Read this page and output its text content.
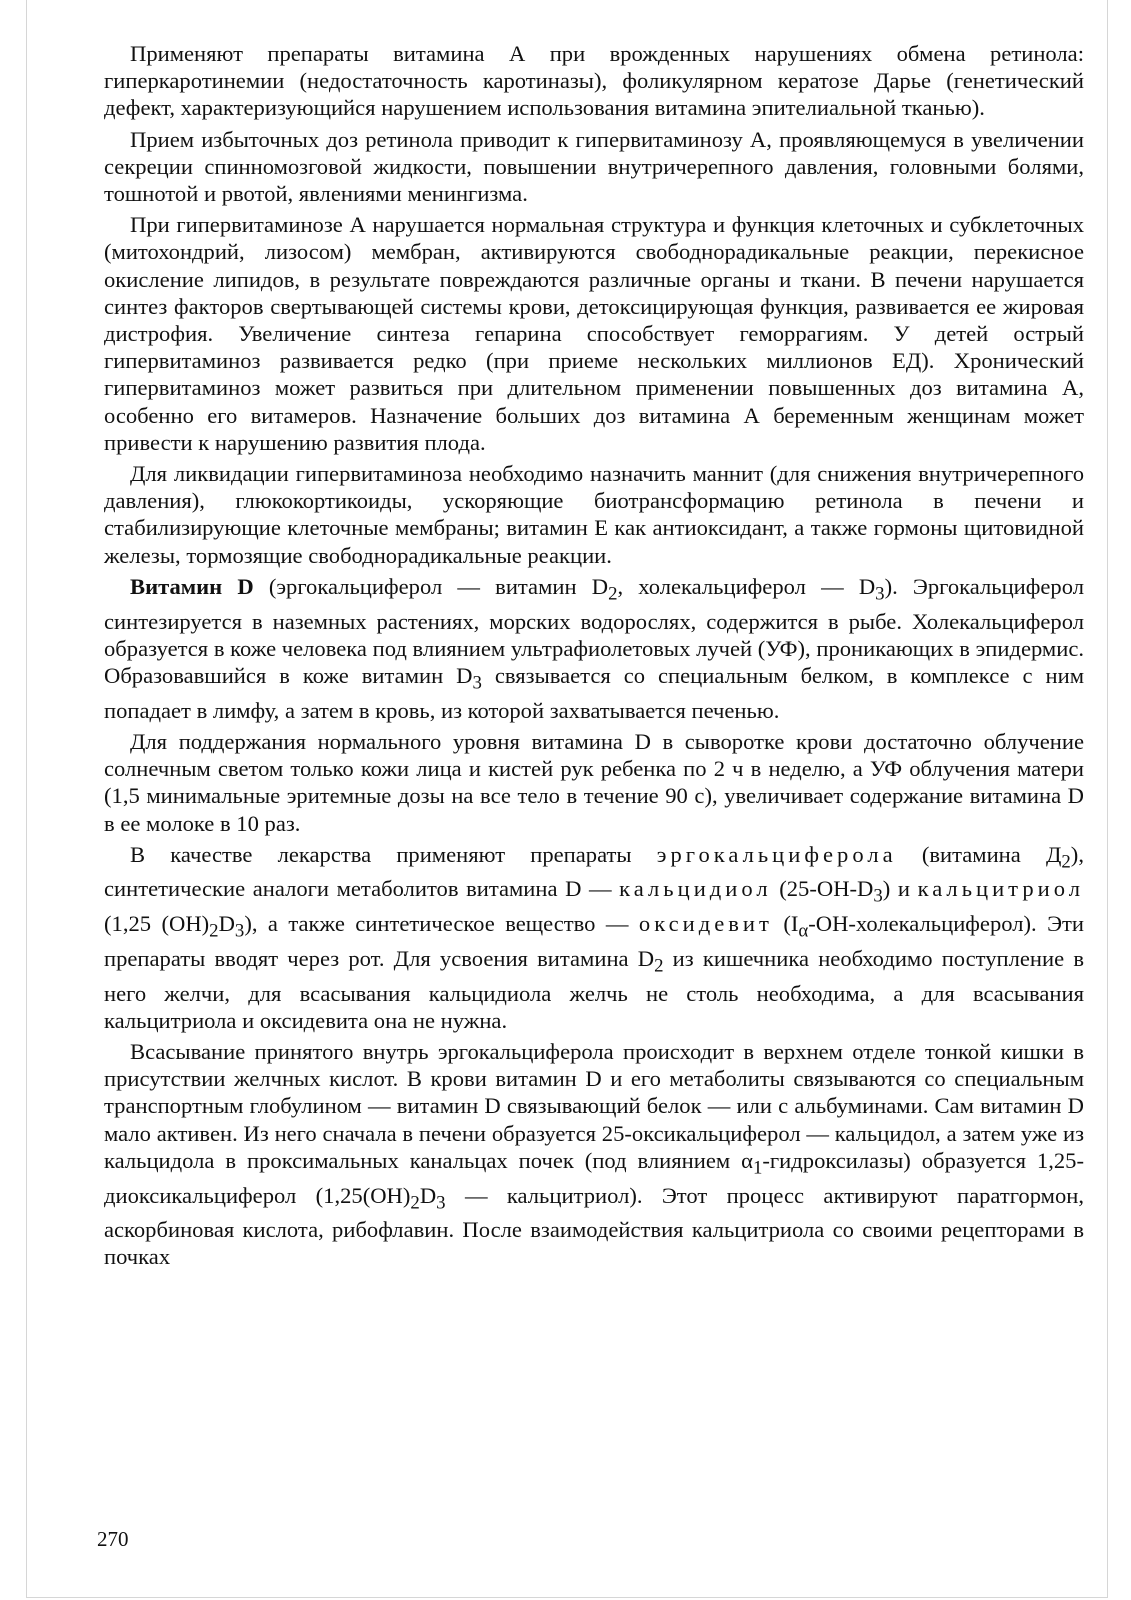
Применяют препараты витамина А при врожденных нарушениях обмена ретинола: гиперкаротинемии (недостаточность каротиназы), фоликулярном кератозе Дарье (генетический дефект, характеризующийся нарушением использования витамина эпителиальной тканью).

Прием избыточных доз ретинола приводит к гипервитаминозу А, проявляющемуся в увеличении секреции спинномозговой жидкости, повышении внутричерепного давления, головными болями, тошнотой и рвотой, явлениями менингизма.

При гипервитаминозе А нарушается нормальная структура и функция клеточных и субклеточных (митохондрий, лизосом) мембран, активируются свободнорадикальные реакции, перекисное окисление липидов, в результате повреждаются различные органы и ткани. В печени нарушается синтез факторов свертывающей системы крови, детоксицирующая функция, развивается ее жировая дистрофия. Увеличение синтеза гепарина способствует геморрагиям. У детей острый гипервитаминоз развивается редко (при приеме нескольких миллионов ЕД). Хронический гипервитаминоз может развиться при длительном применении повышенных доз витамина А, особенно его витамеров. Назначение больших доз витамина А беременным женщинам может привести к нарушению развития плода.

Для ликвидации гипервитаминоза необходимо назначить маннит (для снижения внутричерепного давления), глюкокортикоиды, ускоряющие биотрансформацию ретинола в печени и стабилизирующие клеточные мембраны; витамин Е как антиоксидант, а также гормоны щитовидной железы, тормозящие свободнорадикальные реакции.

Витамин D (эргокальциферол — витамин $D_2$, холекальциферол — $D_3$). Эргокальциферол синтезируется в наземных растениях, морских водорослях, содержится в рыбе. Холекальциферол образуется в коже человека под влиянием ультрафиолетовых лучей (УФ), проникающих в эпидермис. Образовавшийся в коже витамин $D_3$ связывается со специальным белком, в комплексе с ним попадает в лимфу, а затем в кровь, из которой захватывается печенью.

Для поддержания нормального уровня витамина D в сыворотке крови достаточно облучение солнечным светом только кожи лица и кистей рук ребенка по 2 ч в неделю, а УФ облучения матери (1,5 минимальные эритемные дозы на все тело в течение 90 с), увеличивает содержание витамина D в ее молоке в 10 раз.

В качестве лекарства применяют препараты эргокальциферола (витамина $Д_2$), синтетические аналоги метаболитов витамина D — кальцидиол $(25-OH-D_3)$ и кальцитриол (1,25 $(OH)_2D_3$), а также синтетическое вещество — оксидевит $(I_\alpha-OH-холекальциферол)$. Эти препараты вводят через рот. Для усвоения витамина $D_2$ из кишечника необходимо поступление в него желчи, для всасывания кальцидиола желчь не столь необходима, а для всасывания кальцитриола и оксидевита она не нужна.

Всасывание принятого внутрь эргокальциферола происходит в верхнем отделе тонкой кишки в присутствии желчных кислот. В крови витамин D и его метаболиты связываются со специальным транспортным глобулином — витамин D связывающий белок — или с альбуминами. Сам витамин D мало активен. Из него сначала в печени образуется 25-оксикальциферол — кальцидол, а затем уже из кальцидола в проксимальных канальцах почек (под влиянием $\alpha_1-гидроксилазы$) образуется 1,25-диоксикальциферол ($1,25(OH)_2D_3$ — кальцитриол). Этот процесс активируют паратгормон, аскорбиновая кислота, рибофлавин. После взаимодействия кальцитриола со своими рецепторами в почках

270
